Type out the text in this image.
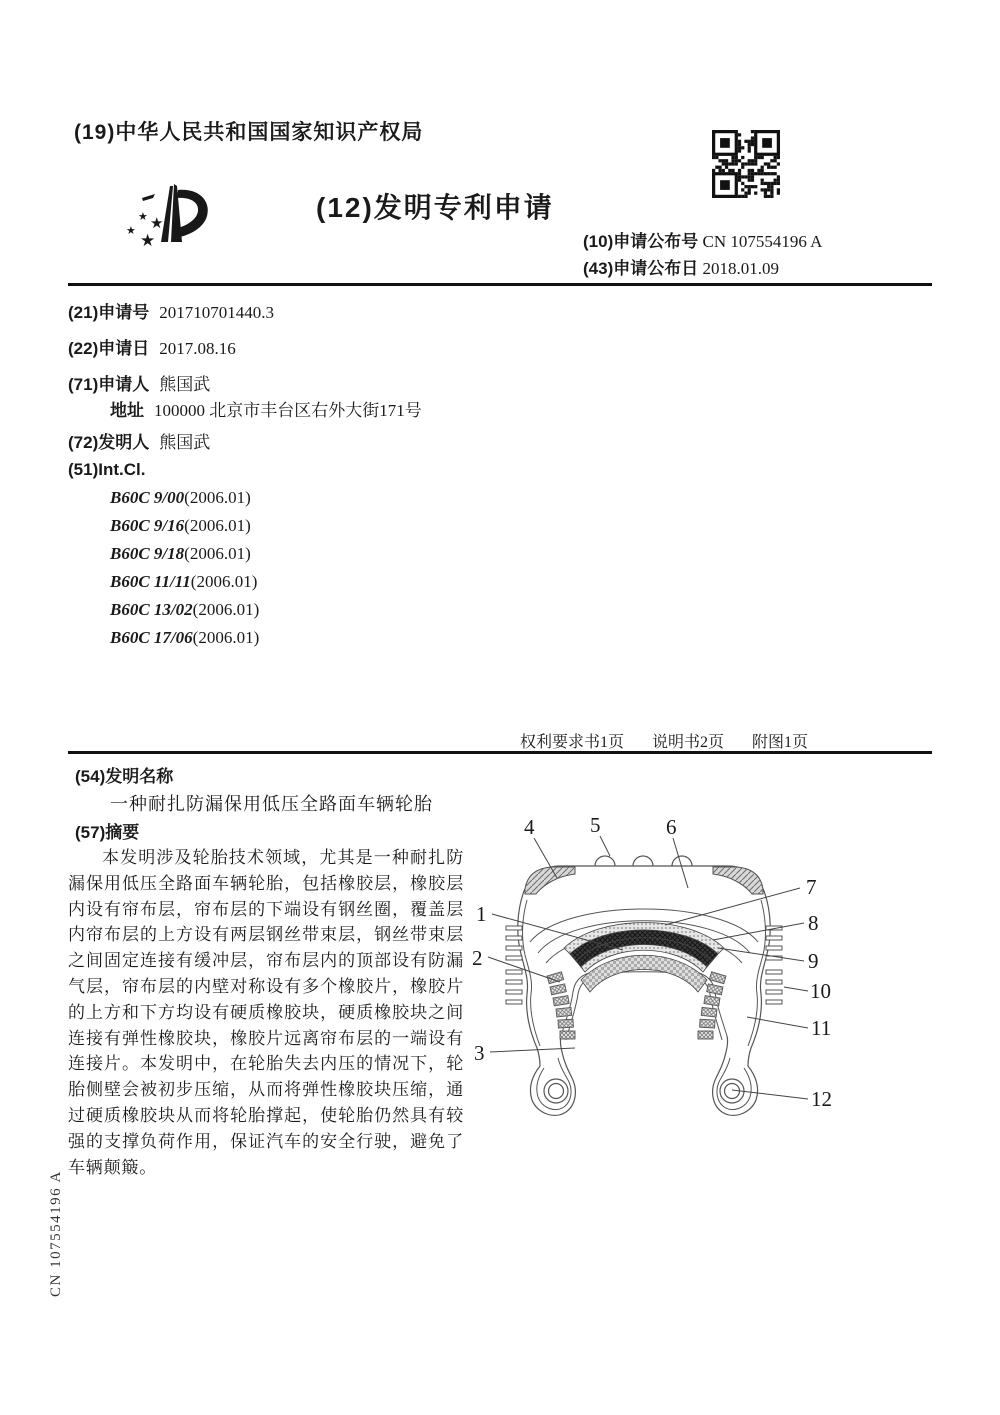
(19)中华人民共和国国家知识产权局
★ ★
★ ★
(12)发明专利申请
(10)申请公布号 CN 107554196 A
(43)申请公布日 2018.01.09
(21)申请号 201710701440.3
(22)申请日 2017.08.16
(71)申请人 熊国武
地址 100000 北京市丰台区右外大街171号
(72)发明人 熊国武
(51)Int.Cl.
B60C 9/00(2006.01)
B60C 9/16(2006.01)
B60C 9/18(2006.01)
B60C 11/11(2006.01)
B60C 13/02(2006.01)
B60C 17/06(2006.01)
权利要求书1页 说明书2页 附图1页
(54)发明名称
一种耐扎防漏保用低压全路面车辆轮胎
(57)摘要
本发明涉及轮胎技术领域，尤其是一种耐扎防漏保用低压全路面车辆轮胎，包括橡胶层，橡胶层内设有帘布层，帘布层的下端设有钢丝圈，覆盖层内帘布层的上方设有两层钢丝带束层，钢丝带束层之间固定连接有缓冲层，帘布层内的顶部设有防漏气层，帘布层的内壁对称设有多个橡胶片，橡胶片的上方和下方均设有硬质橡胶块，硬质橡胶块之间连接有弹性橡胶块，橡胶片远离帘布层的一端设有连接片。本发明中，在轮胎失去内压的情况下，轮胎侧壁会被初步压缩，从而将弹性橡胶块压缩，通过硬质橡胶块从而将轮胎撑起，使轮胎仍然具有较强的支撑负荷作用，保证汽车的安全行驶，避免了车辆颠簸。
1
2
3
4	5	6
7
8
9
10
11
12
CN 107554196 A
